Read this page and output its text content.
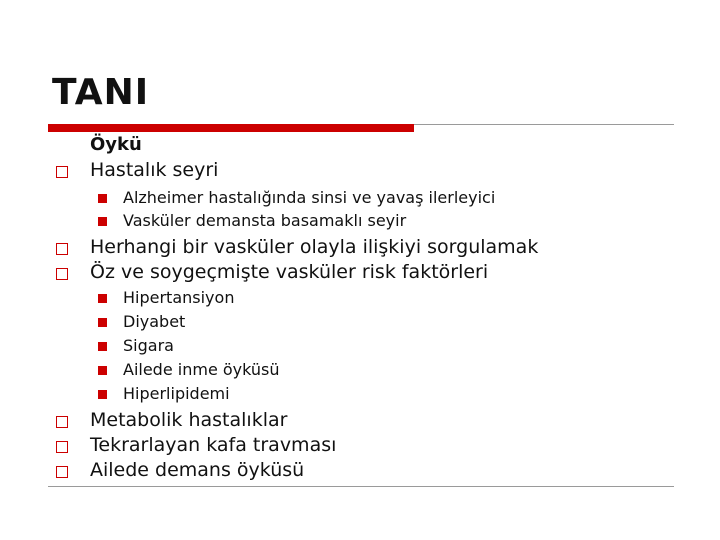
TANI
Öykü
Hastalık seyri
Alzheimer hastalığında sinsi ve yavaş ilerleyici
Vasküler demansta basamaklı seyir
Herhangi bir vasküler olayla ilişkiyi sorgulamak
Öz ve soygeçmişte vasküler risk faktörleri
Hipertansiyon
Diyabet
Sigara
Ailede inme öyküsü
Hiperlipidemi
Metabolik hastalıklar
Tekrarlayan kafa travması
Ailede demans öyküsü
